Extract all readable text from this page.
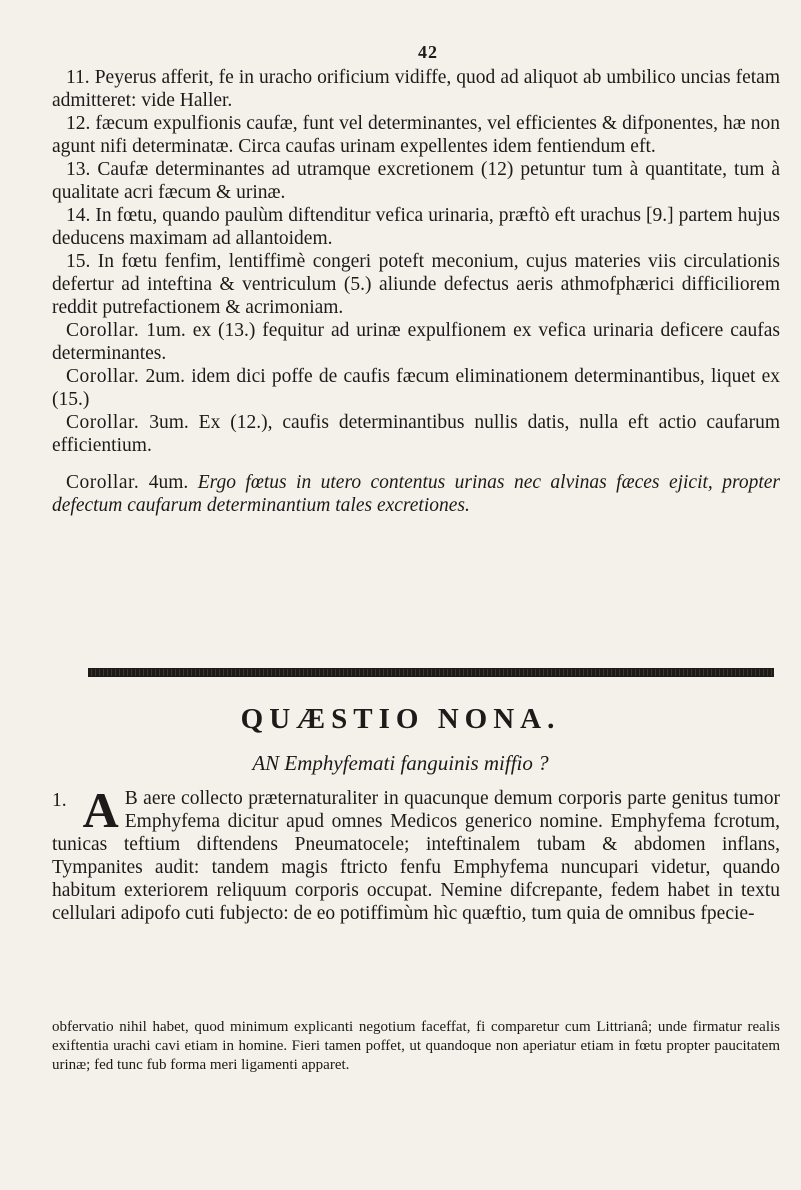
42

11. Peyerus afferit, fe in uracho orificium vidiffe, quod ad aliquot ab umbilico uncias fetam admitteret: vide Haller.

12. fæcum expulfionis caufæ, funt vel determinantes, vel efficientes & difponentes, hæ non agunt nifi determinatæ. Circa caufas urinam expellentes idem fentiendum eft.

13. Caufæ determinantes ad utramque excretionem (12) petuntur tum à quantitate, tum à qualitate acri fæcum & urinæ.

14. In fœtu, quando paulùm diftenditur vefica urinaria, præftò eft urachus [9.] partem hujus deducens maximam ad allantoidem.

15. In fœtu fenfim, lentiffimè congeri poteft meconium, cujus materies viis circulationis defertur ad inteftina & ventriculum (5.) aliunde defectus aeris athmofphærici difficiliorem reddit putrefactionem & acrimoniam.

Corollar. 1um. ex (13.) fequitur ad urinæ expulfionem ex vefica urinaria deficere caufas determinantes.

Corollar. 2um. idem dici poffe de caufis fæcum eliminationem determinantibus, liquet ex (15.)

Corollar. 3um. Ex (12.), caufis determinantibus nullis datis, nulla eft actio caufarum efficientium.

Corollar. 4um. Ergo fœtus in utero contentus urinas nec alvinas fæces ejicit, propter defectum caufarum determinantium tales excretiones.

QUÆSTIO NONA.
AN Emphyfemati fanguinis miffio ?

1. A B aere collecto præternaturaliter in quacunque demum corporis parte genitus tumor Emphyfema dicitur apud omnes Medicos generico nomine. Emphyfema fcrotum, tunicas teftium diftendens Pneumatocele; inteftinalem tubam & abdomen inflans, Tympanites audit: tandem magis ftricto fenfu Emphyfema nuncupari videtur, quando habitum exteriorem reliquum corporis occupat. Nemine difcrepante, fedem habet in textu cellulari adipofo cuti fubjecto: de eo potiffimùm hìc quæftio, tum quia de omnibus fpecie-

obfervatio nihil habet, quod minimum explicanti negotium faceffat, fi comparetur cum Littrianâ; unde firmatur realis exiftentia urachi cavi etiam in homine. Fieri tamen poffet, ut quandoque non aperiatur etiam in fœtu propter paucitatem urinæ; fed tunc fub forma meri ligamenti apparet.
